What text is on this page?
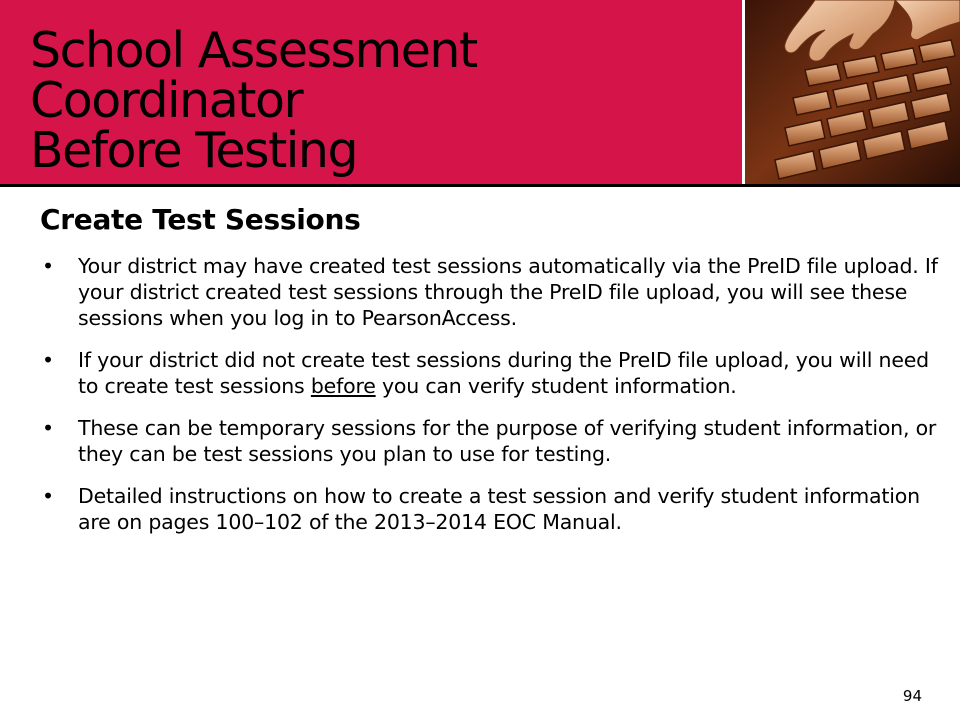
School Assessment
Coordinator
Before Testing
Create Test Sessions
• Your district may have created test sessions automatically via the PreID file upload. If your district created test sessions through the PreID file upload, you will see these sessions when you log in to PearsonAccess.
• If your district did not create test sessions during the PreID file upload, you will need to create test sessions before you can verify student information.
• These can be temporary sessions for the purpose of verifying student information, or they can be test sessions you plan to use for testing.
• Detailed instructions on how to create a test session and verify student information are on pages 100–102 of the 2013–2014 EOC Manual.
94
